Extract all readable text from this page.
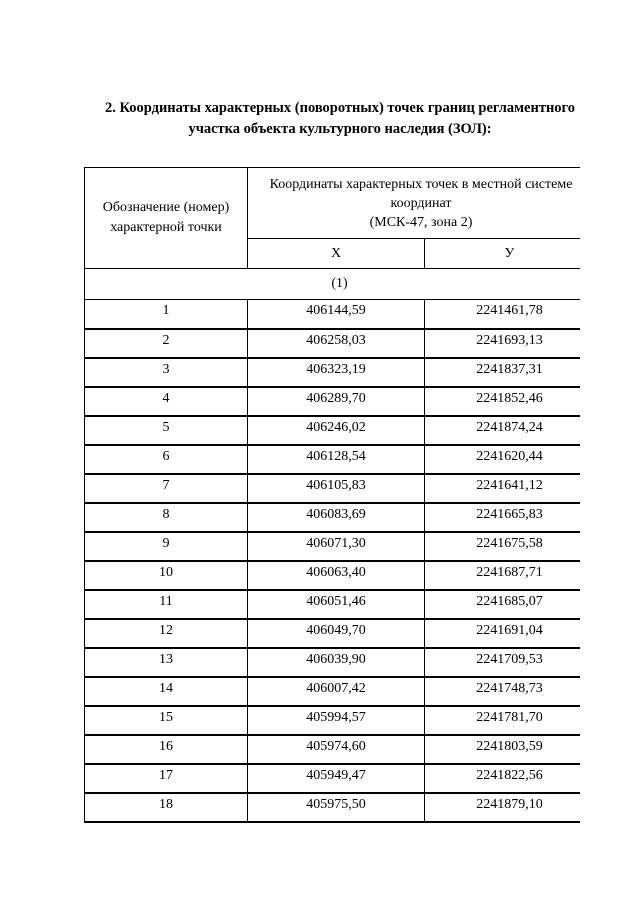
2. Координаты характерных (поворотных) точек границ регламентного
участка объекта культурного наследия (ЗОЛ):
Обозначение (номер) характерной точки	Координаты характерных точек в местной системе
координат
(МСК-47, зона 2)	

	Х	У
(1)		
1	406144,59	2241461,78
2	406258,03	2241693,13
3	406323,19	2241837,31
4	406289,70	2241852,46
5	406246,02	2241874,24
6	406128,54	2241620,44
7	406105,83	2241641,12
8	406083,69	2241665,83
9	406071,30	2241675,58
10	406063,40	2241687,71
11	406051,46	2241685,07
12	406049,70	2241691,04
13	406039,90	2241709,53
14	406007,42	2241748,73
15	405994,57	2241781,70
16	405974,60	2241803,59
17	405949,47	2241822,56
18	405975,50	2241879,10
